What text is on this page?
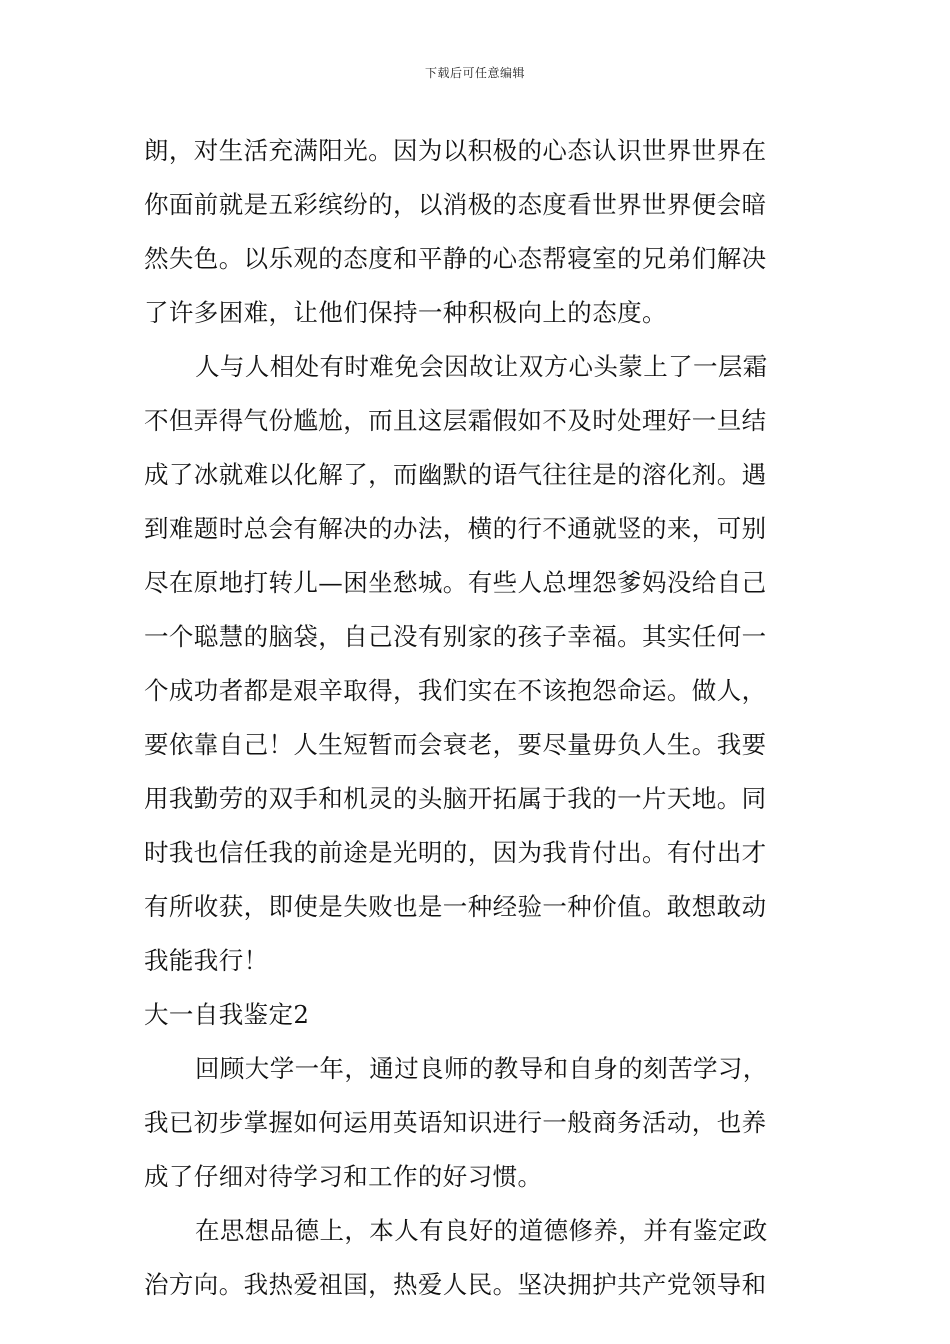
下载后可任意编辑
朗，对生活充满阳光。因为以积极的心态认识世界世界在
你面前就是五彩缤纷的，以消极的态度看世界世界便会暗
然失色。以乐观的态度和平静的心态帮寝室的兄弟们解决
了许多困难，让他们保持一种积极向上的态度。
人与人相处有时难免会因故让双方心头蒙上了一层霜
不但弄得气份尴尬，而且这层霜假如不及时处理好一旦结
成了冰就难以化解了，而幽默的语气往往是的溶化剂。遇
到难题时总会有解决的办法，横的行不通就竖的来，可别
尽在原地打转儿—困坐愁城。有些人总埋怨爹妈没给自己
一个聪慧的脑袋，自己没有别家的孩子幸福。其实任何一
个成功者都是艰辛取得，我们实在不该抱怨命运。做人，
要依靠自己！人生短暂而会衰老，要尽量毋负人生。我要
用我勤劳的双手和机灵的头脑开拓属于我的一片天地。同
时我也信任我的前途是光明的，因为我肯付出。有付出才
有所收获，即使是失败也是一种经验一种价值。敢想敢动
我能我行！
大一自我鉴定2
回顾大学一年，通过良师的教导和自身的刻苦学习，
我已初步掌握如何运用英语知识进行一般商务活动，也养
成了仔细对待学习和工作的好习惯。
在思想品德上，本人有良好的道德修养，并有鉴定政
治方向。我热爱祖国，热爱人民。坚决拥护共产党领导和
